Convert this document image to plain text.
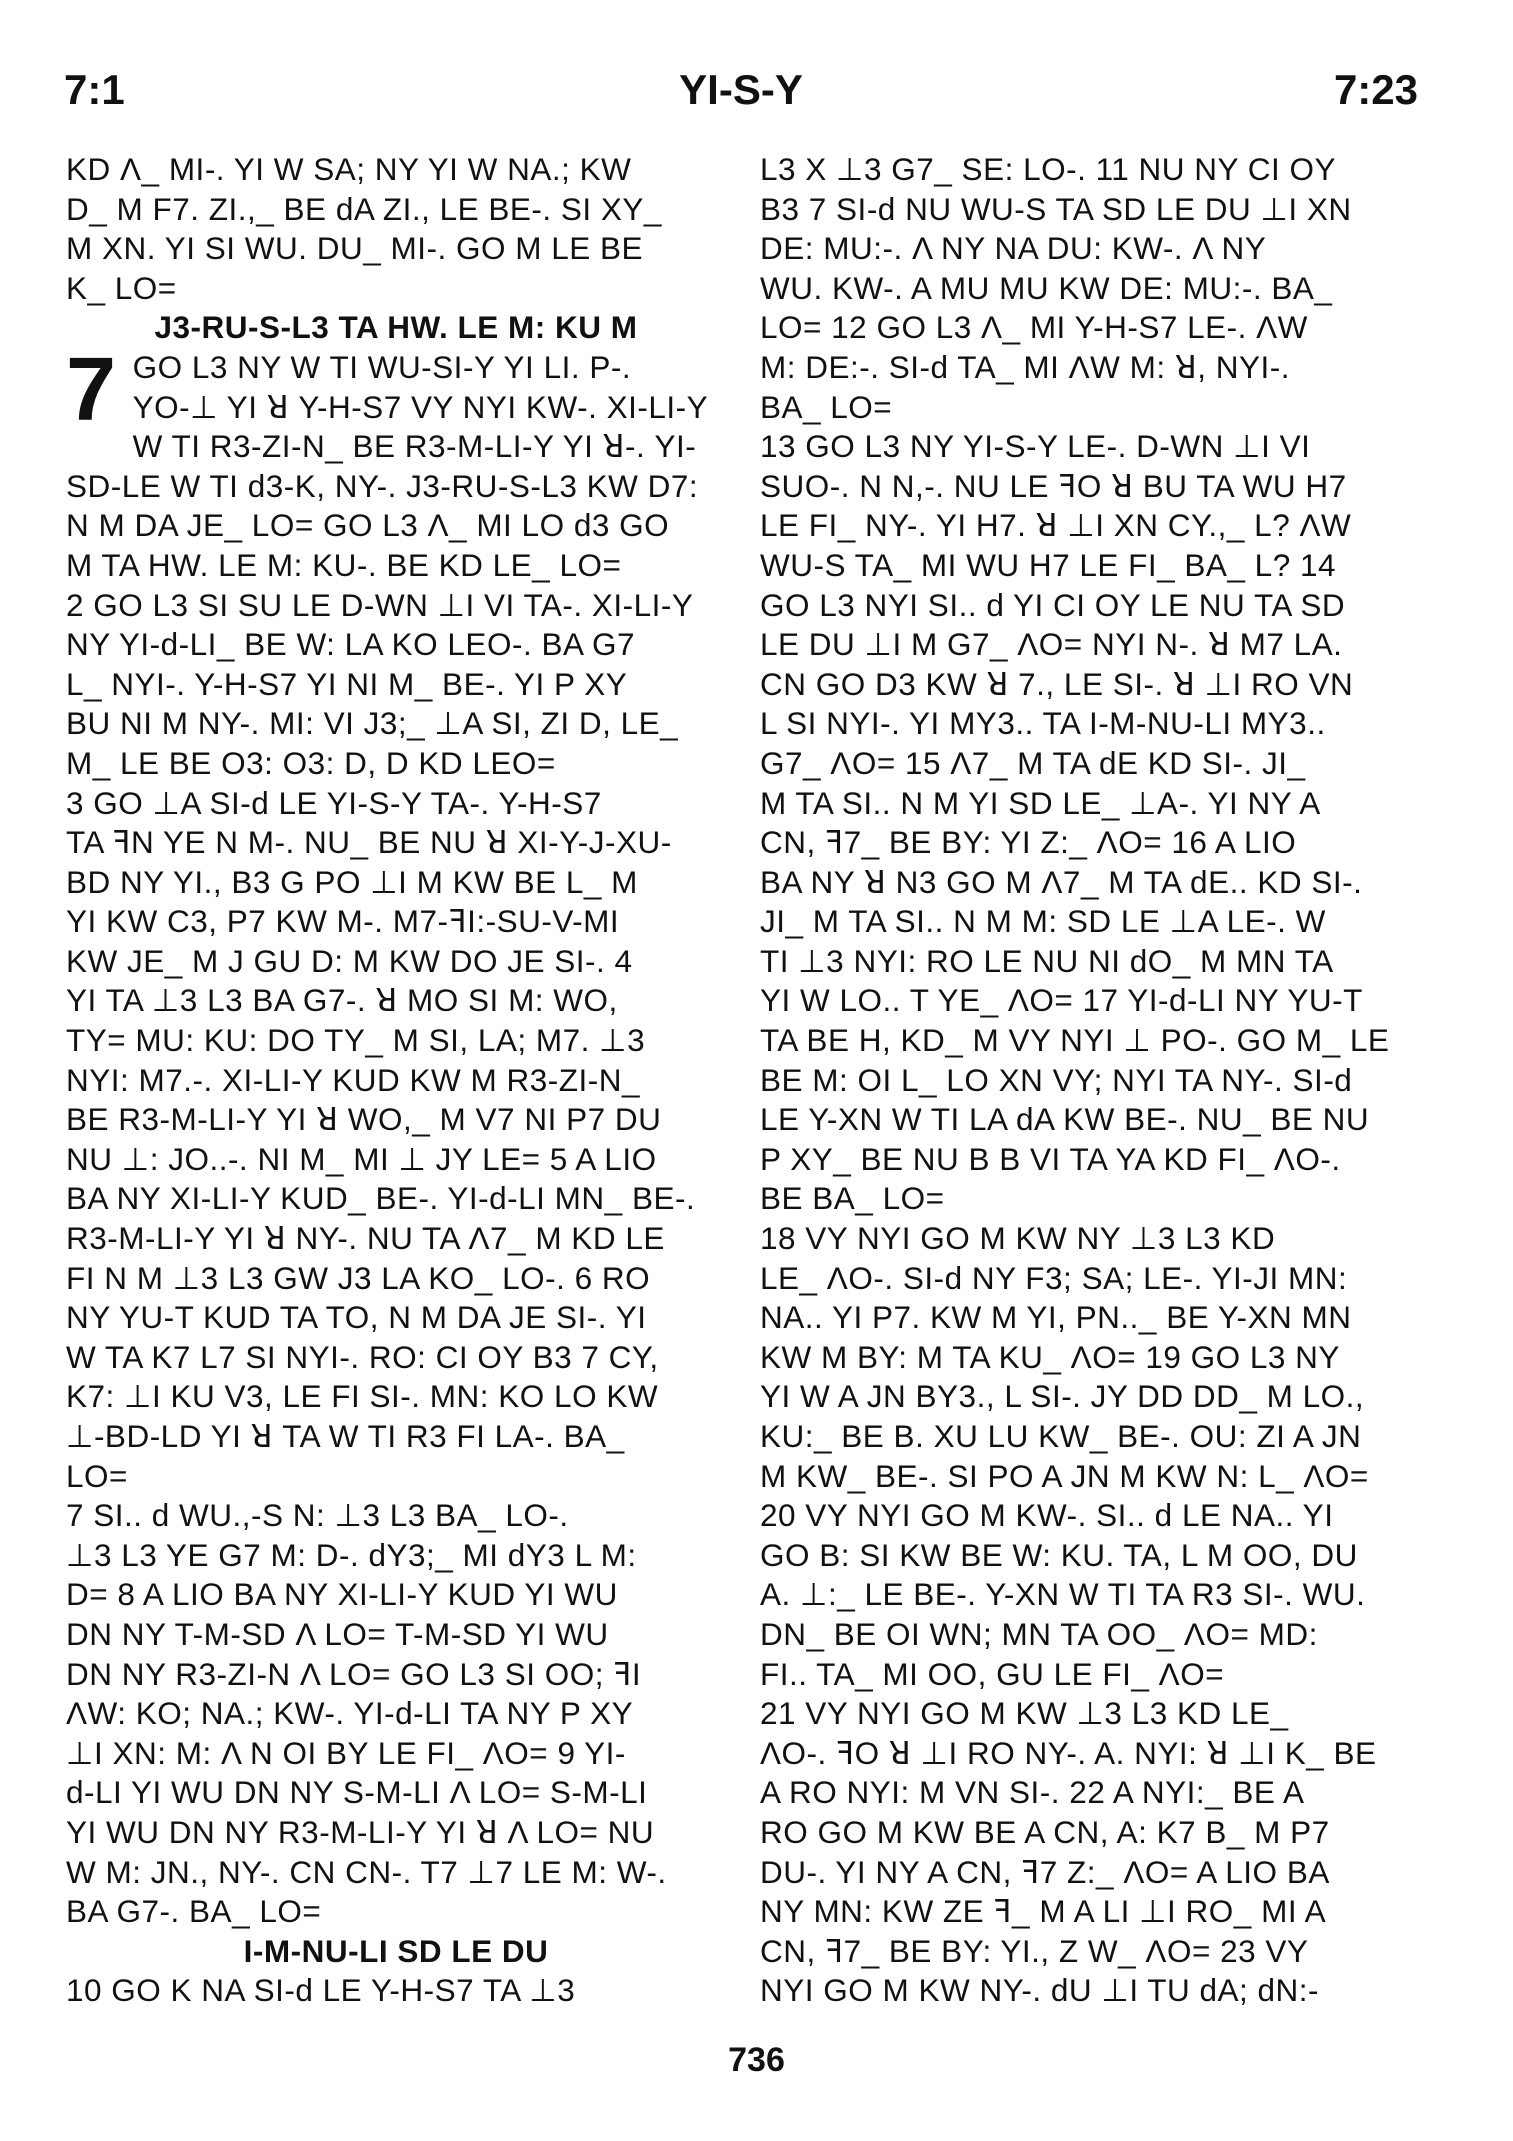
7:1	YI-S-Y	7:23
KD Λ_ MI-. YI W SA; NY YI W NA.; KW
D_ M F7. ZI.,_ BE dA ZI., LE BE-. SI XY_
M XN. YI SI WU. DU_ MI-. GO M LE BE
K_ LO=
J3-RU-S-L3 TA HW. LE M: KU M
7 GO L3 NY W TI WU-SI-Y YI LI. P-.
YO-⊥ YI ꓤ Y-H-S7 VY NYI KW-. XI-LI-Y
W TI R3-ZI-N_ BE R3-M-LI-Y YI ꓤ-. YI-
SD-LE W TI d3-K, NY-. J3-RU-S-L3 KW D7:
N M DA JE_ LO= GO L3 Λ_ MI LO d3 GO
M TA HW. LE M: KU-. BE KD LE_ LO=
2 GO L3 SI SU LE D-WN ⊥I VI TA-. XI-LI-Y
NY YI-d-LI_ BE W: LA KO LEO-. BA G7
L_ NYI-. Y-H-S7 YI NI M_ BE-. YI P XY
BU NI M NY-. MI: VI J3;_ ⊥A SI, ZI D, LE_
M_ LE BE O3: O3: D, D KD LEO=
3 GO ⊥A SI-d LE YI-S-Y TA-. Y-H-S7
TA ꟻN YE N M-. NU_ BE NU ꓤ XI-Y-J-XU-
BD NY YI., B3 G PO ⊥I M KW BE L_ M
YI KW C3, P7 KW M-. M7-ꟻI:-SU-V-MI
KW JE_ M J GU D: M KW DO JE SI-. 4
YI TA ⊥3 L3 BA G7-. ꓤ MO SI M: WO,
TY= MU: KU: DO TY_ M SI, LA; M7. ⊥3
NYI: M7.-. XI-LI-Y KUD KW M R3-ZI-N_
BE R3-M-LI-Y YI ꓤ WO,_ M V7 NI P7 DU
NU ⊥: JO..-. NI M_ MI ⊥ JY LE= 5 A LIO
BA NY XI-LI-Y KUD_ BE-. YI-d-LI MN_ BE-.
R3-M-LI-Y YI ꓤ NY-. NU TA Λ7_ M KD LE
FI N M ⊥3 L3 GW J3 LA KO_ LO-. 6 RO
NY YU-T KUD TA TO, N M DA JE SI-. YI
W TA K7 L7 SI NYI-. RO: CI OY B3 7 CY,
K7: ⊥I KU V3, LE FI SI-. MN: KO LO KW
⊥-BD-LD YI ꓤ TA W TI R3 FI LA-. BA_
LO=
7 SI.. d WU.,-S N: ⊥3 L3 BA_ LO-.
⊥3 L3 YE G7 M: D-. dY3;_ MI dY3 L M:
D= 8 A LIO BA NY XI-LI-Y KUD YI WU
DN NY T-M-SD Λ LO= T-M-SD YI WU
DN NY R3-ZI-N Λ LO= GO L3 SI OO; ꟻI
ΛW: KO; NA.; KW-. YI-d-LI TA NY P XY
⊥I XN: M: Λ N OI BY LE FI_ ΛO= 9 YI-
d-LI YI WU DN NY S-M-LI Λ LO= S-M-LI
YI WU DN NY R3-M-LI-Y YI ꓤ Λ LO= NU
W M: JN., NY-. CN CN-. T7 ⊥7 LE M: W-.
BA G7-. BA_ LO=
I-M-NU-LI SD LE DU
10 GO K NA SI-d LE Y-H-S7 TA ⊥3
L3 X ⊥3 G7_ SE: LO-. 11 NU NY CI OY
B3 7 SI-d NU WU-S TA SD LE DU ⊥I XN
DE: MU:-. Λ NY NA DU: KW-. Λ NY
WU. KW-. A MU MU KW DE: MU:-. BA_
LO= 12 GO L3 Λ_ MI Y-H-S7 LE-. ΛW
M: DE:-. SI-d TA_ MI ΛW M: ꓤ, NYI-.
BA_ LO=
13 GO L3 NY YI-S-Y LE-. D-WN ⊥I VI
SUO-. N N,-. NU LE ꟻO ꓤ BU TA WU H7
LE FI_ NY-. YI H7. ꓤ ⊥I XN CY.,_ L? ΛW
WU-S TA_ MI WU H7 LE FI_ BA_ L? 14
GO L3 NYI SI.. d YI CI OY LE NU TA SD
LE DU ⊥I M G7_ ΛO= NYI N-. ꓤ M7 LA.
CN GO D3 KW ꓤ 7., LE SI-. ꓤ ⊥I RO VN
L SI NYI-. YI MY3.. TA I-M-NU-LI MY3..
G7_ ΛO= 15 Λ7_ M TA dE KD SI-. JI_
M TA SI.. N M YI SD LE_ ⊥A-. YI NY A
CN, ꟻ7_ BE BY: YI Z:_ ΛO= 16 A LIO
BA NY ꓤ N3 GO M Λ7_ M TA dE.. KD SI-.
JI_ M TA SI.. N M M: SD LE ⊥A LE-. W
TI ⊥3 NYI: RO LE NU NI dO_ M MN TA
YI W LO.. T YE_ ΛO= 17 YI-d-LI NY YU-T
TA BE H, KD_ M VY NYI ⊥ PO-. GO M_ LE
BE M: OI L_ LO XN VY; NYI TA NY-. SI-d
LE Y-XN W TI LA dA KW BE-. NU_ BE NU
P XY_ BE NU B B VI TA YA KD FI_ ΛO-.
BE BA_ LO=
18 VY NYI GO M KW NY ⊥3 L3 KD
LE_ ΛO-. SI-d NY F3; SA; LE-. YI-JI MN:
NA.. YI P7. KW M YI, PN.._ BE Y-XN MN
KW M BY: M TA KU_ ΛO= 19 GO L3 NY
YI W A JN BY3., L SI-. JY DD DD_ M LO.,
KU:_ BE B. XU LU KW_ BE-. OU: ZI A JN
M KW_ BE-. SI PO A JN M KW N: L_ ΛO=
20 VY NYI GO M KW-. SI.. d LE NA.. YI
GO B: SI KW BE W: KU. TA, L M OO, DU
A. ⊥:_ LE BE-. Y-XN W TI TA R3 SI-. WU.
DN_ BE OI WN; MN TA OO_ ΛO= MD:
FI.. TA_ MI OO, GU LE FI_ ΛO=
21 VY NYI GO M KW ⊥3 L3 KD LE_
ΛO-. ꟻO ꓤ ⊥I RO NY-. A. NYI: ꓤ ⊥I K_ BE
A RO NYI: M VN SI-. 22 A NYI:_ BE A
RO GO M KW BE A CN, A: K7 B_ M P7
DU-. YI NY A CN, ꟻ7 Z:_ ΛO= A LIO BA
NY MN: KW ZE ꟻ_ M A LI ⊥I RO_ MI A
CN, ꟻ7_ BE BY: YI., Z W_ ΛO= 23 VY
NYI GO M KW NY-. dU ⊥I TU dA; dN:-
736
